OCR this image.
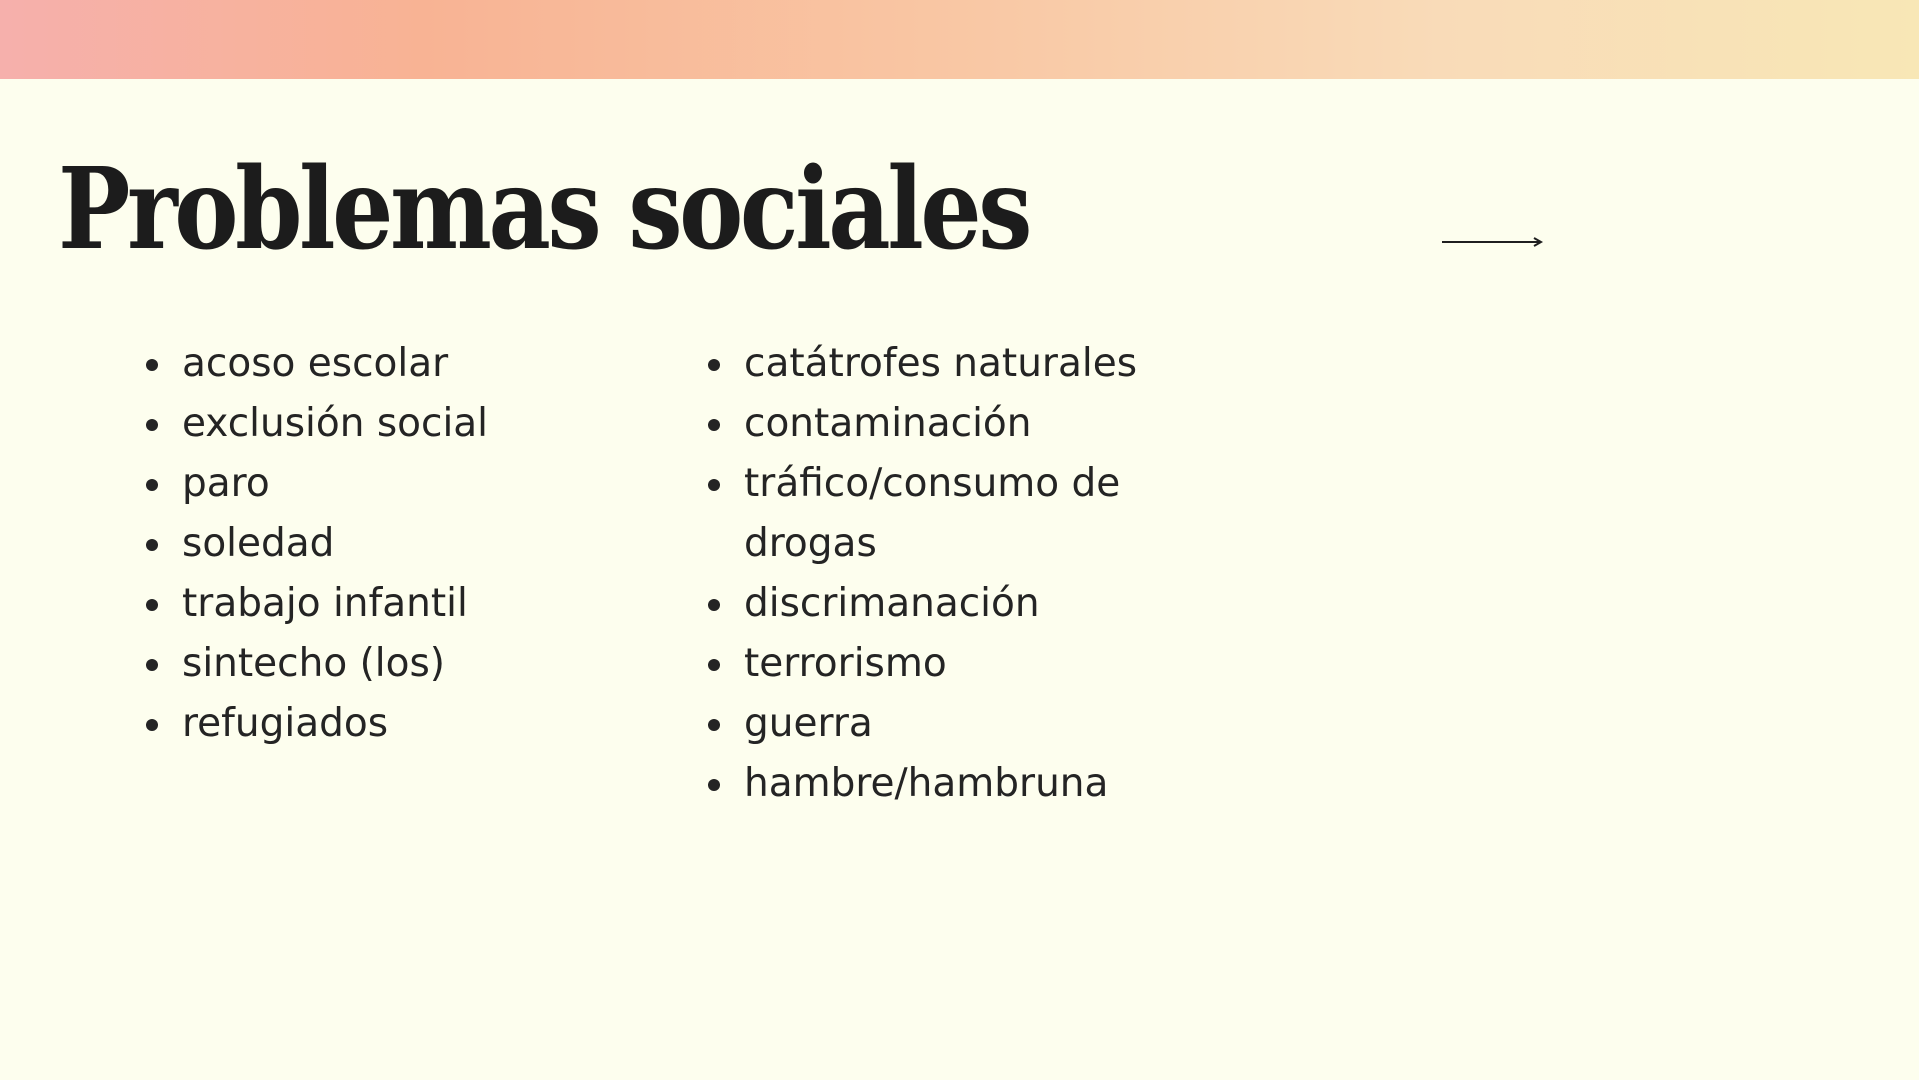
Problemas sociales
acoso escolar
exclusión social
paro
soledad
trabajo infantil
sintecho (los)
refugiados
catátrofes naturales
contaminación
tráfico/consumo de drogas
discrimanación
terrorismo
guerra
hambre/hambruna
